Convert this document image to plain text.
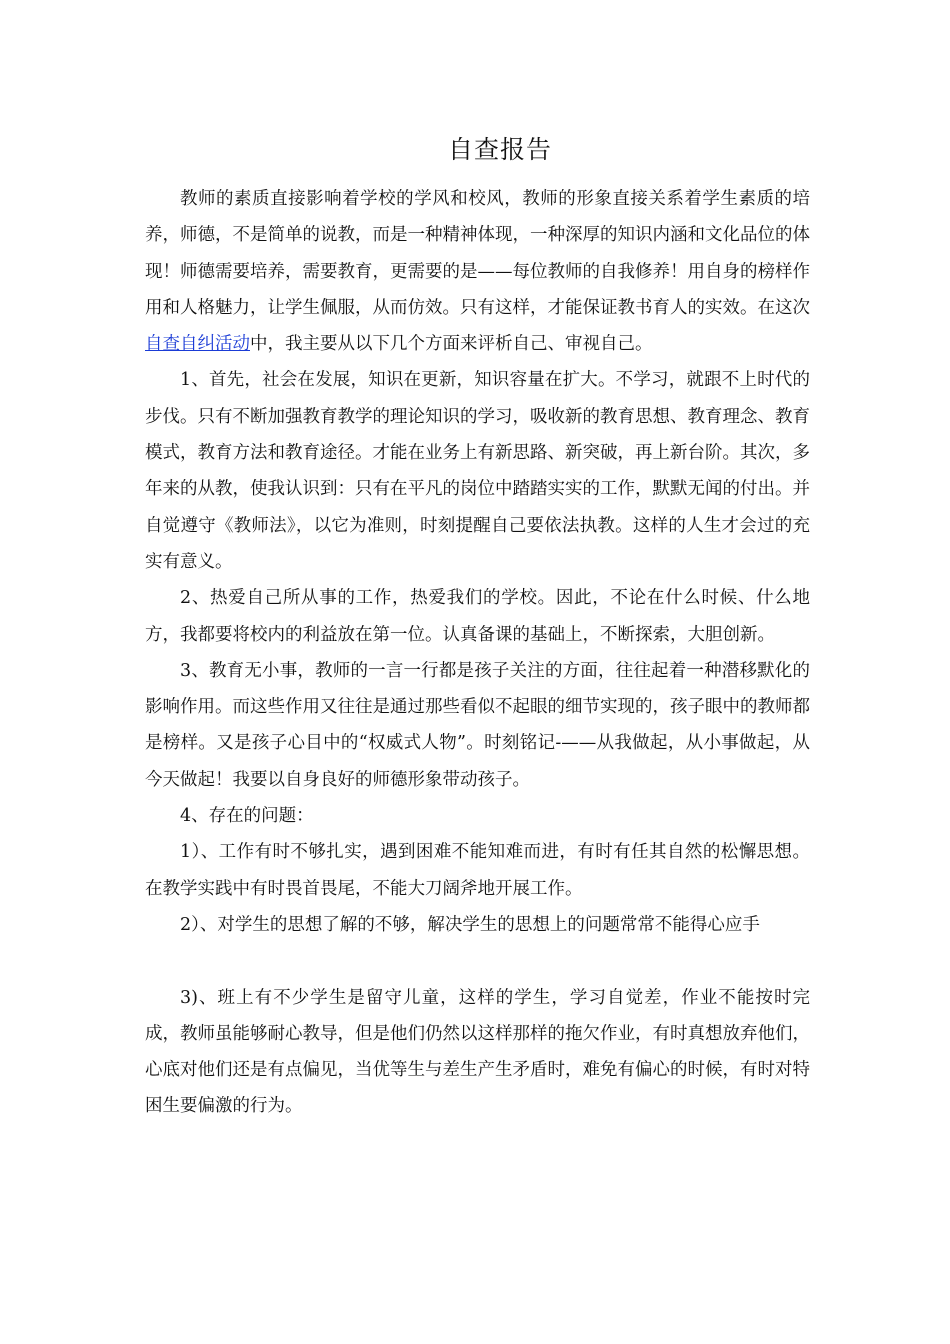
自查报告

教师的素质直接影响着学校的学风和校风，教师的形象直接关系着学生素质的培养，师德，不是简单的说教，而是一种精神体现，一种深厚的知识内涵和文化品位的体现！师德需要培养，需要教育，更需要的是——每位教师的自我修养！用自身的榜样作用和人格魅力，让学生佩服，从而仿效。只有这样，才能保证教书育人的实效。在这次自查自纠活动中，我主要从以下几个方面来评析自己、审视自己。

1、首先，社会在发展，知识在更新，知识容量在扩大。不学习，就跟不上时代的步伐。只有不断加强教育教学的理论知识的学习，吸收新的教育思想、教育理念、教育模式，教育方法和教育途径。才能在业务上有新思路、新突破，再上新台阶。其次，多年来的从教，使我认识到：只有在平凡的岗位中踏踏实实的工作，默默无闻的付出。并自觉遵守《教师法》，以它为准则，时刻提醒自己要依法执教。这样的人生才会过的充实有意义。

2、热爱自己所从事的工作，热爱我们的学校。因此，不论在什么时候、什么地方，我都要将校内的利益放在第一位。认真备课的基础上，不断探索，大胆创新。

3、教育无小事，教师的一言一行都是孩子关注的方面，往往起着一种潜移默化的影响作用。而这些作用又往往是通过那些看似不起眼的细节实现的，孩子眼中的教师都是榜样。又是孩子心目中的“权威式人物”。时刻铭记-——从我做起，从小事做起，从今天做起！我要以自身良好的师德形象带动孩子。

4、存在的问题：

1）、工作有时不够扎实，遇到困难不能知难而进，有时有任其自然的松懈思想。在教学实践中有时畏首畏尾，不能大刀阔斧地开展工作。

2）、对学生的思想了解的不够，解决学生的思想上的问题常常不能得心应手

3)、班上有不少学生是留守儿童，这样的学生，学习自觉差，作业不能按时完成，教师虽能够耐心教导，但是他们仍然以这样那样的拖欠作业，有时真想放弃他们，心底对他们还是有点偏见，当优等生与差生产生矛盾时，难免有偏心的时候，有时对特困生要偏激的行为。
